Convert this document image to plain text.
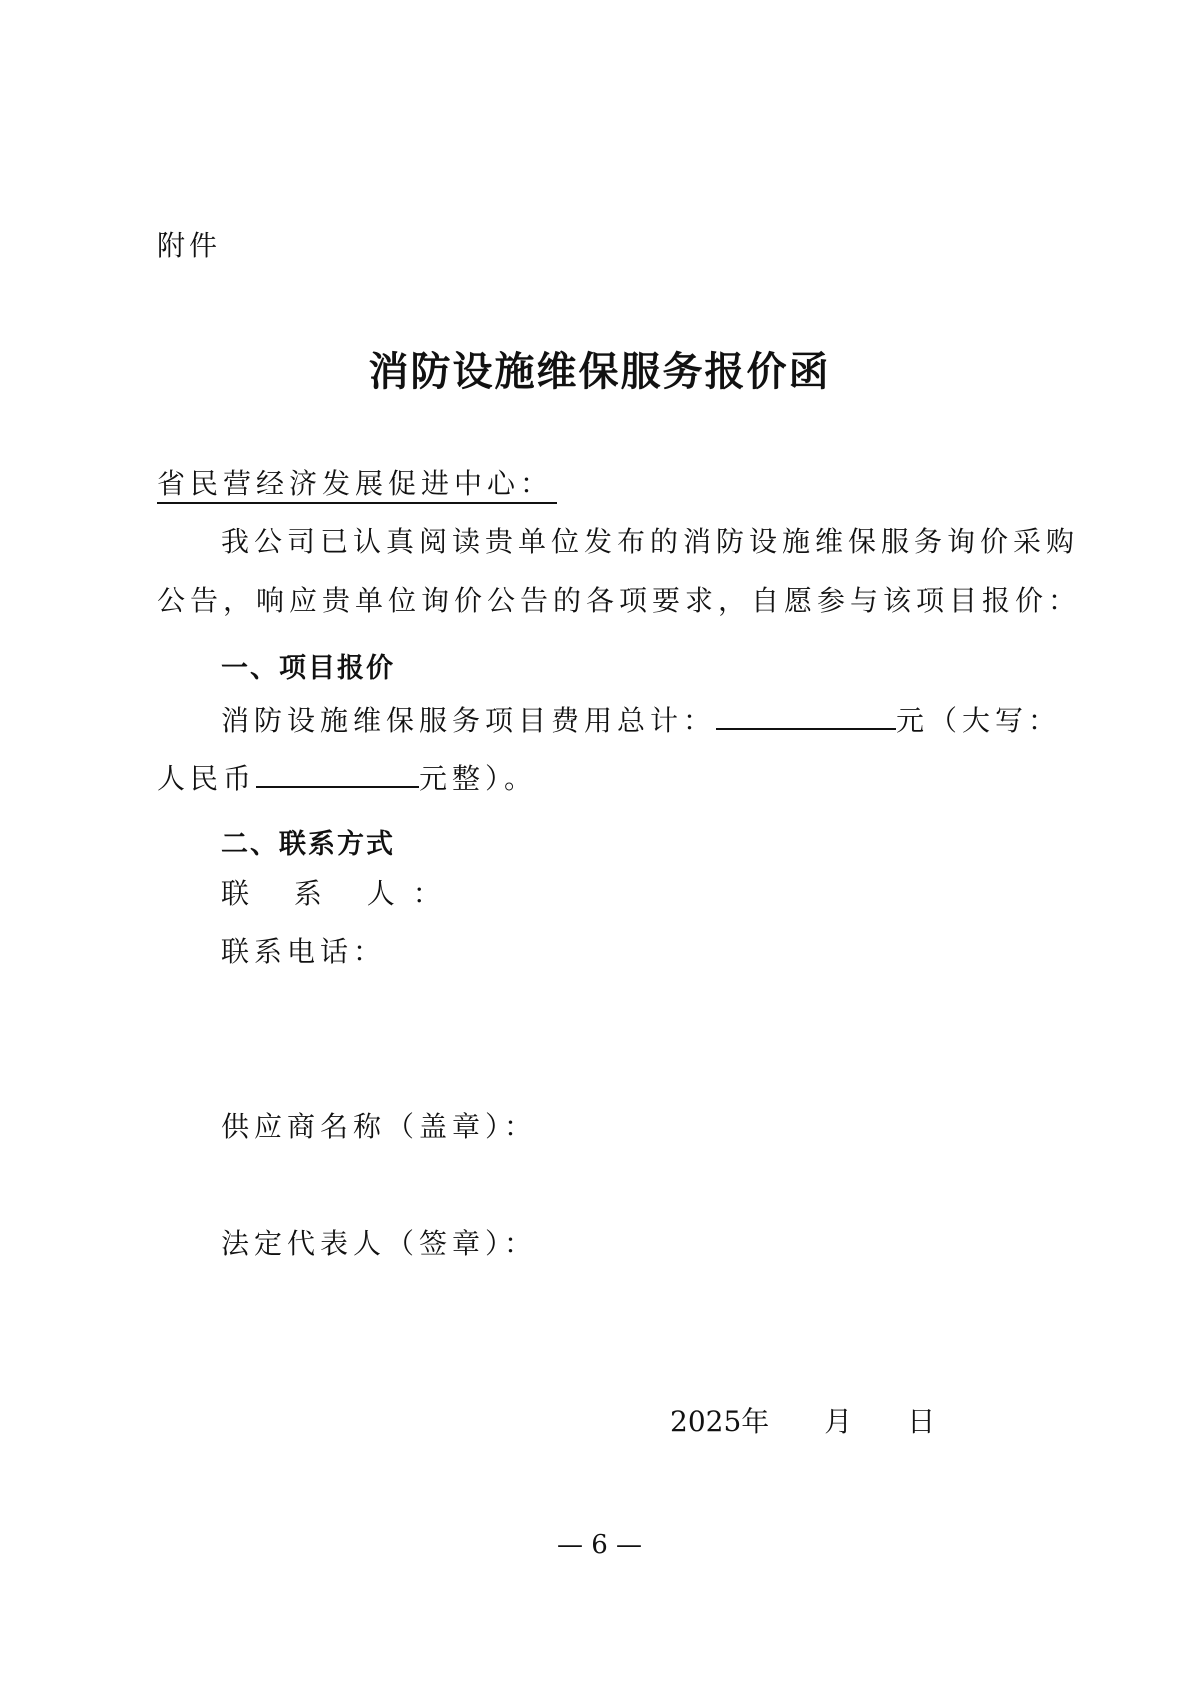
附件
消防设施维保服务报价函
省民营经济发展促进中心：
我公司已认真阅读贵单位发布的消防设施维保服务询价采购
公告，响应贵单位询价公告的各项要求，自愿参与该项目报价：
一、项目报价
消防设施维保服务项目费用总计：	元（大写：
人民币	元整）。
二、联系方式
联 系 人：
联系电话：
供应商名称（盖章）：
法定代表人（签章）：
2025年 月 日
— 6 —
